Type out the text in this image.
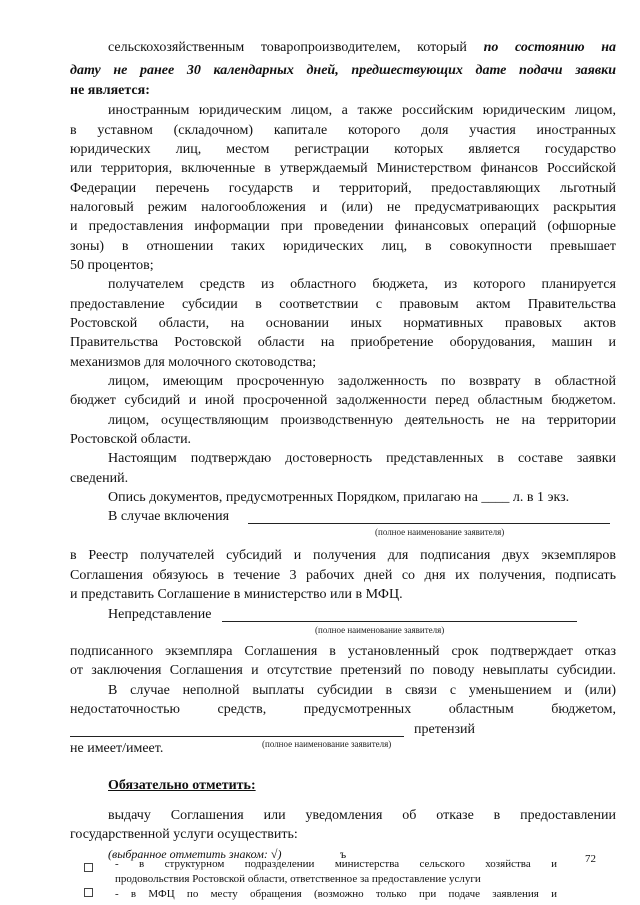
сельскохозяйственным товаропроизводителем, который по состоянию на
дату не ранее 30 календарных дней, предшествующих дате подачи заявки
не является:
иностранным юридическим лицом, а также российским юридическим лицом,
в уставном (складочном) капитале которого доля участия иностранных
юридических лиц, местом регистрации которых является государство
или территория, включенные в утверждаемый Министерством финансов Российской
Федерации перечень государств и территорий, предоставляющих льготный
налоговый режим налогообложения и (или) не предусматривающих раскрытия
и предоставления информации при проведении финансовых операций (офшорные
зоны) в отношении таких юридических лиц, в совокупности превышает
50 процентов;
получателем средств из областного бюджета, из которого планируется
предоставление субсидии в соответствии с правовым актом Правительства
Ростовской области, на основании иных нормативных правовых актов
Правительства Ростовской области на приобретение оборудования, машин и
механизмов для молочного скотоводства;
лицом, имеющим просроченную задолженность по возврату в областной
бюджет субсидий и иной просроченной задолженности перед областным бюджетом.
лицом, осуществляющим производственную деятельность не на территории
Ростовской области.
Настоящим подтверждаю достоверность представленных в составе заявки
сведений.
Опись документов, предусмотренных Порядком, прилагаю на ____ л. в 1 экз.
В случае включения
(полное наименование заявителя)
в Реестр получателей субсидий и получения для подписания двух экземпляров
Соглашения обязуюсь в течение 3 рабочих дней со дня их получения, подписать
и представить Соглашение в министерство или в МФЦ.
Непредставление
(полное наименование заявителя)
подписанного экземпляра Соглашения в установленный срок подтверждает отказ
от заключения Соглашения и отсутствие претензий по поводу невыплаты субсидии.
В случае неполной выплаты субсидии в связи с уменьшением и (или)
недостаточностью средств, предусмотренных областным бюджетом,
претензий
(полное наименование заявителя)
не имеет/имеет.
Обязательно отметить:
выдачу Соглашения или уведомления об отказе в предоставлении
государственной услуги осуществить:
(выбранное отметить знаком: √)	ъ	72
- в структурном подразделении министерства сельского хозяйства и
продовольствия Ростовской области, ответственное за предоставление услуги
- в МФЦ по месту обращения (возможно только при подаче заявления и
